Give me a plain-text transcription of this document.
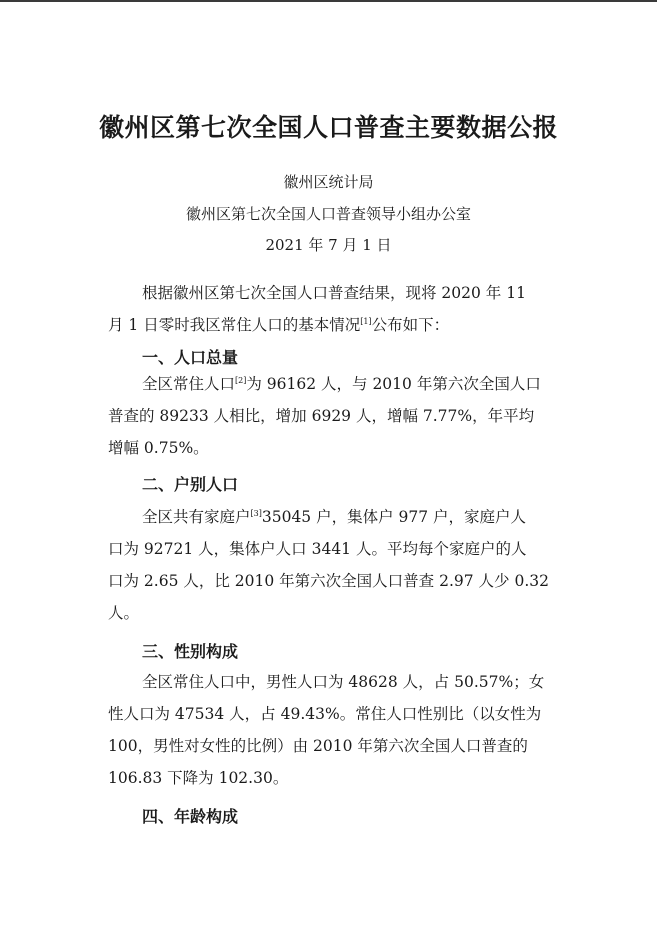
徽州区第七次全国人口普查主要数据公报
徽州区统计局
徽州区第七次全国人口普查领导小组办公室
2021 年 7 月 1 日

根据徽州区第七次全国人口普查结果，现将 2020 年 11
月 1 日零时我区常住人口的基本情况[1]公布如下：

一、人口总量

全区常住人口[2]为 96162 人，与 2010 年第六次全国人口
普查的 89233 人相比，增加 6929 人，增幅 7.77%，年平均
增幅 0.75%。

二、户别人口

全区共有家庭户[3]35045 户，集体户 977 户，家庭户人
口为 92721 人，集体户人口 3441 人。平均每个家庭户的人
口为 2.65 人，比 2010 年第六次全国人口普查 2.97 人少 0.32
人。

三、性别构成

全区常住人口中，男性人口为 48628 人，占 50.57%；女
性人口为 47534 人，占 49.43%。常住人口性别比（以女性为
100，男性对女性的比例）由 2010 年第六次全国人口普查的
106.83 下降为 102.30。

四、年龄构成
